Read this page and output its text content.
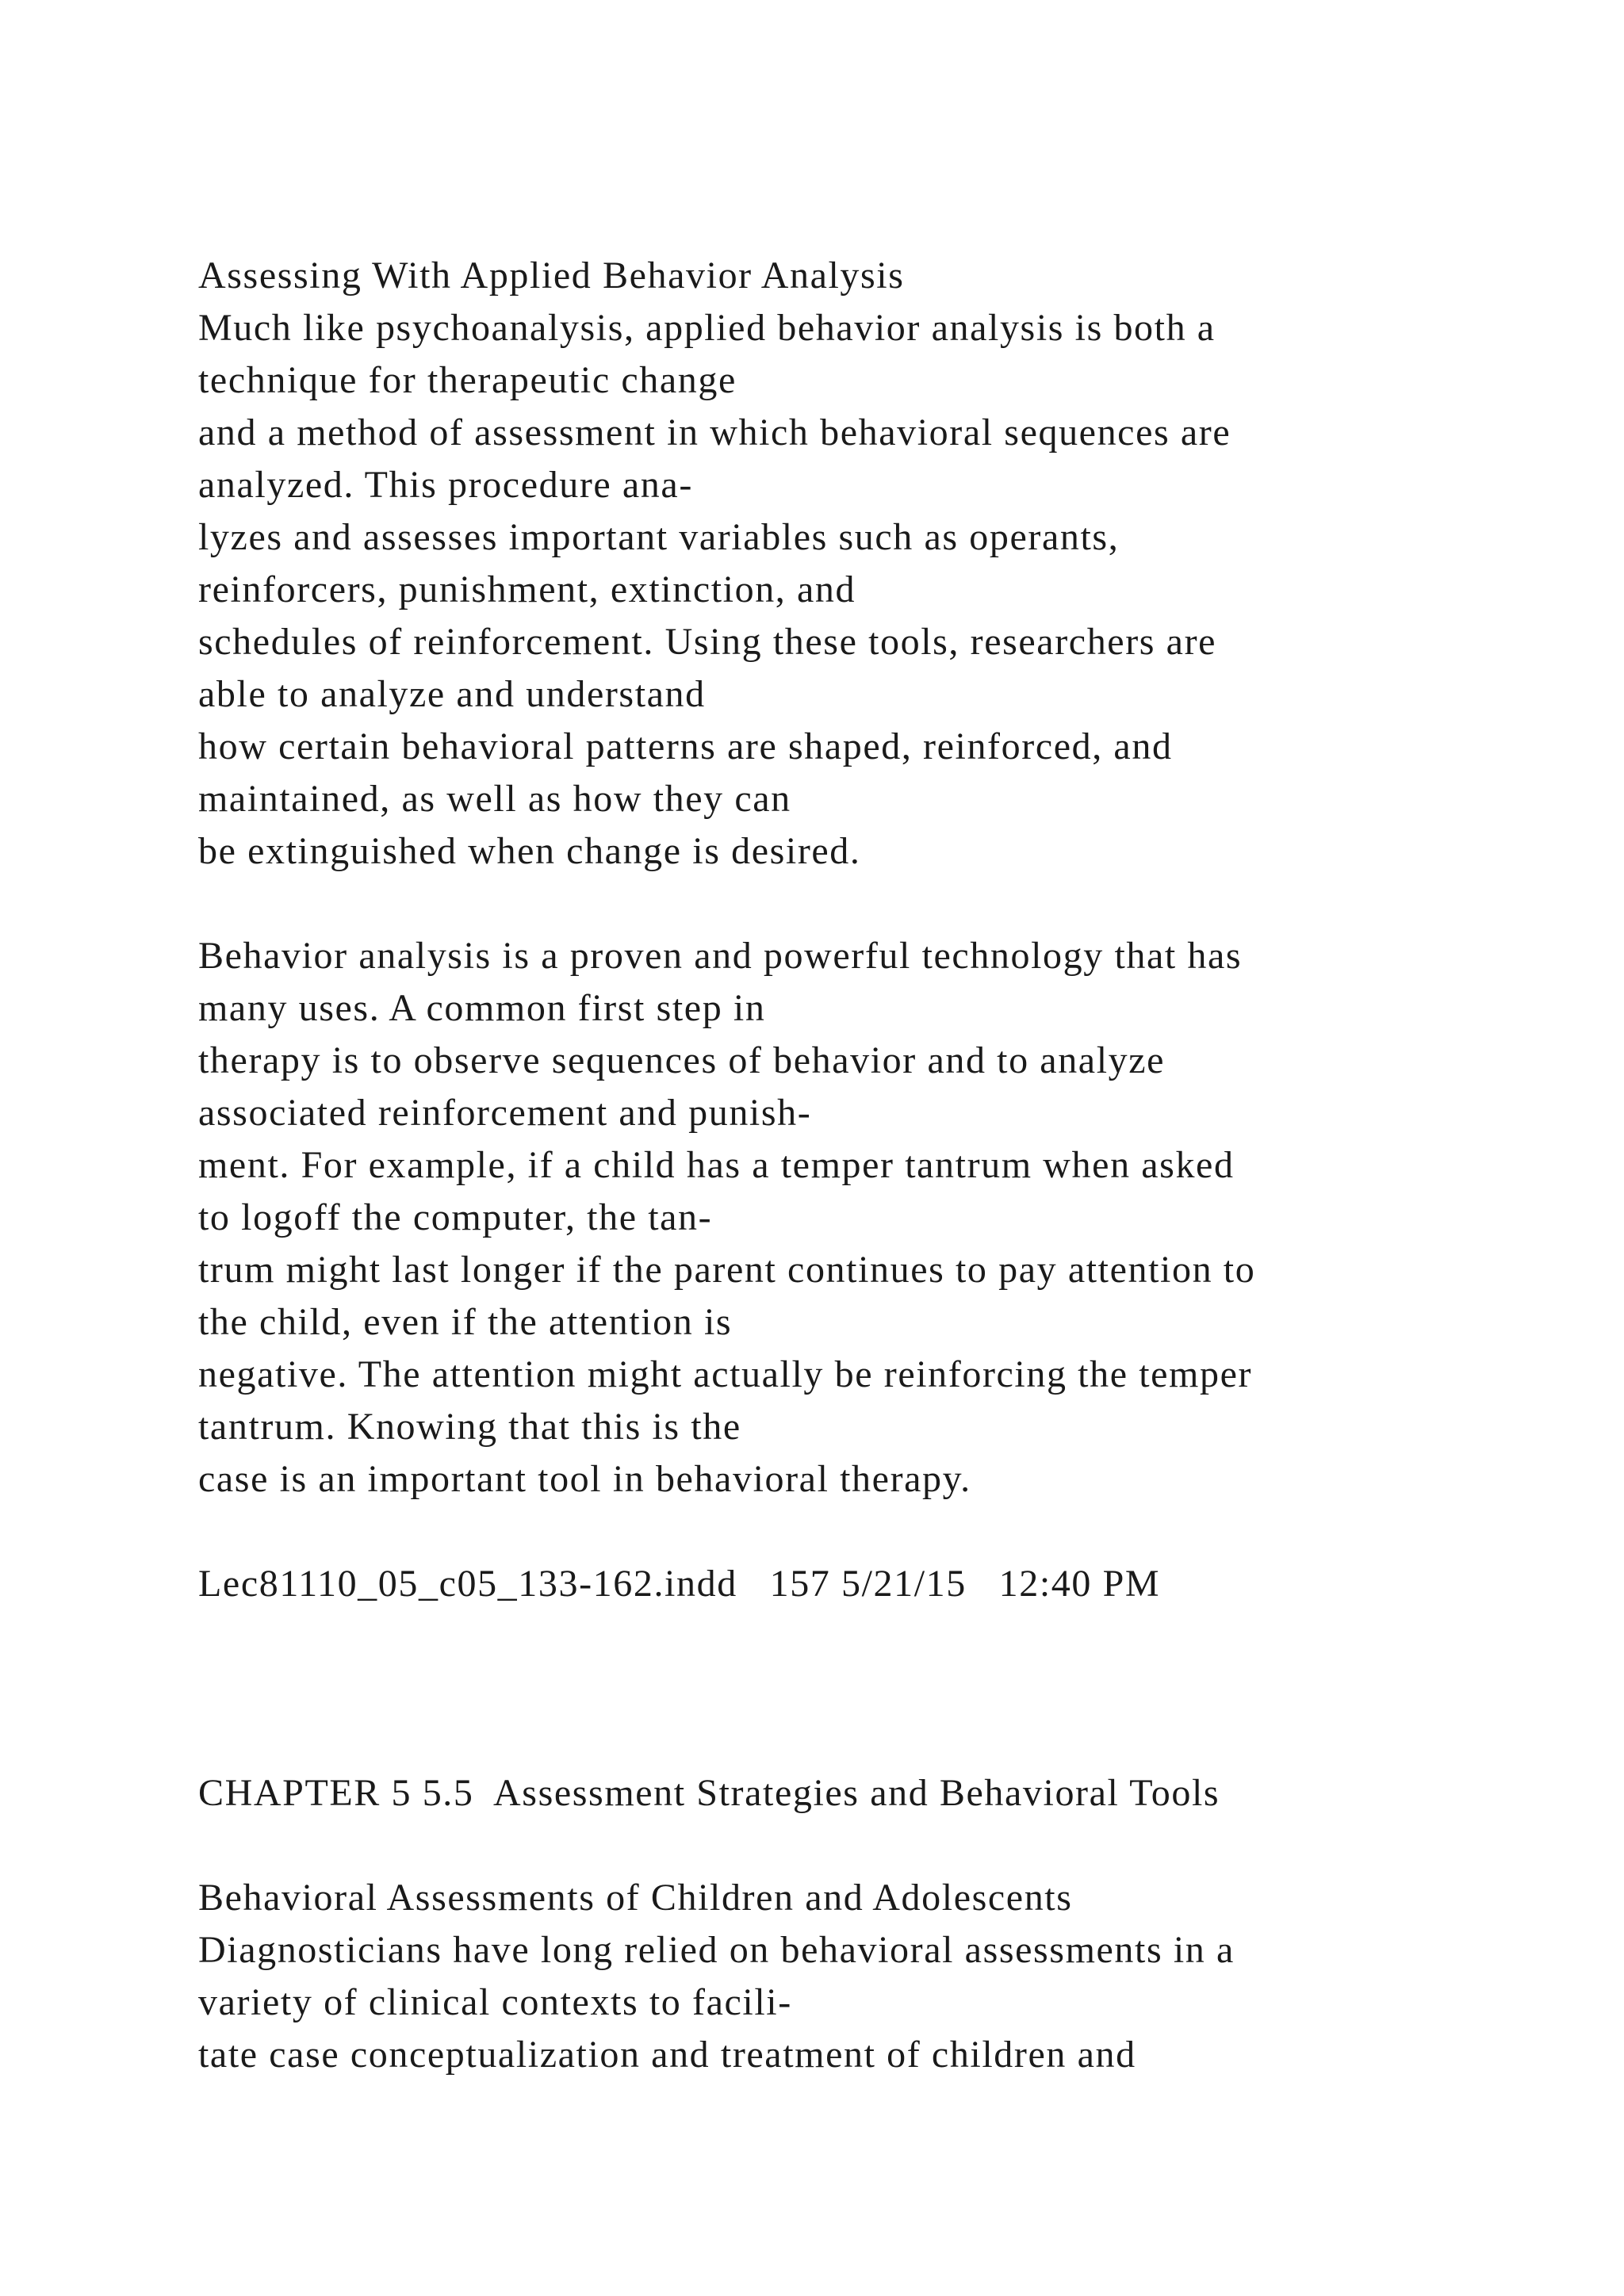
Assessing With Applied Behavior Analysis
Much like psychoanalysis, applied behavior analysis is both a
technique for therapeutic change
and a method of assessment in which behavioral sequences are
analyzed. This procedure ana-
lyzes and assesses important variables such as operants,
reinforcers, punishment, extinction, and
schedules of reinforcement. Using these tools, researchers are
able to analyze and understand
how certain behavioral patterns are shaped, reinforced, and
maintained, as well as how they can
be extinguished when change is desired.
Behavior analysis is a proven and powerful technology that has
many uses. A common first step in
therapy is to observe sequences of behavior and to analyze
associated reinforcement and punish-
ment. For example, if a child has a temper tantrum when asked
to logoff the computer, the tan-
trum might last longer if the parent continues to pay attention to
the child, even if the attention is
negative. The attention might actually be reinforcing the temper
tantrum. Knowing that this is the
case is an important tool in behavioral therapy.
Lec81110_05_c05_133-162.indd   157 5/21/15   12:40 PM
CHAPTER 5 5.5  Assessment Strategies and Behavioral Tools
Behavioral Assessments of Children and Adolescents
Diagnosticians have long relied on behavioral assessments in a
variety of clinical contexts to facili-
tate case conceptualization and treatment of children and
